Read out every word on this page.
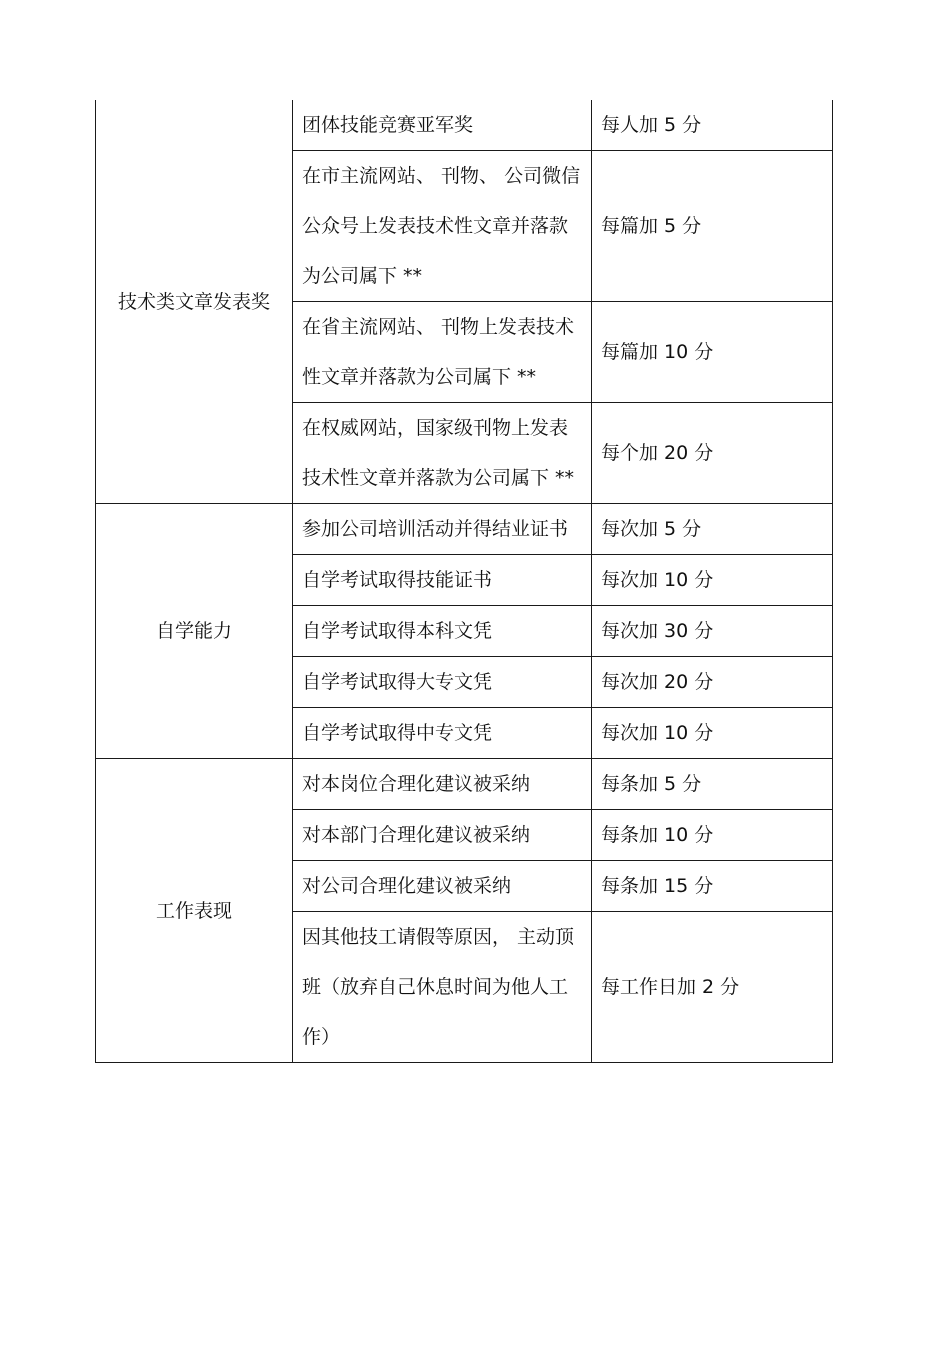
技术类文章发表奖	团体技能竞赛亚军奖	每人加 5 分
	在市主流网站、 刊物、 公司微信公众号上发表技术性文章并落款为公司属下 **	每篇加 5 分
	在省主流网站、 刊物上发表技术性文章并落款为公司属下 **	每篇加 10 分
	在权威网站，国家级刊物上发表技术性文章并落款为公司属下 **	每个加 20 分
自学能力	参加公司培训活动并得结业证书	每次加 5 分
	自学考试取得技能证书	每次加 10 分
	自学考试取得本科文凭	每次加 30 分
	自学考试取得大专文凭	每次加 20 分
	自学考试取得中专文凭	每次加 10 分
工作表现	对本岗位合理化建议被采纳	每条加 5 分
	对本部门合理化建议被采纳	每条加 10 分
	对公司合理化建议被采纳	每条加 15 分
	因其他技工请假等原因， 主动顶班（放弃自己休息时间为他人工作）	每工作日加 2 分
